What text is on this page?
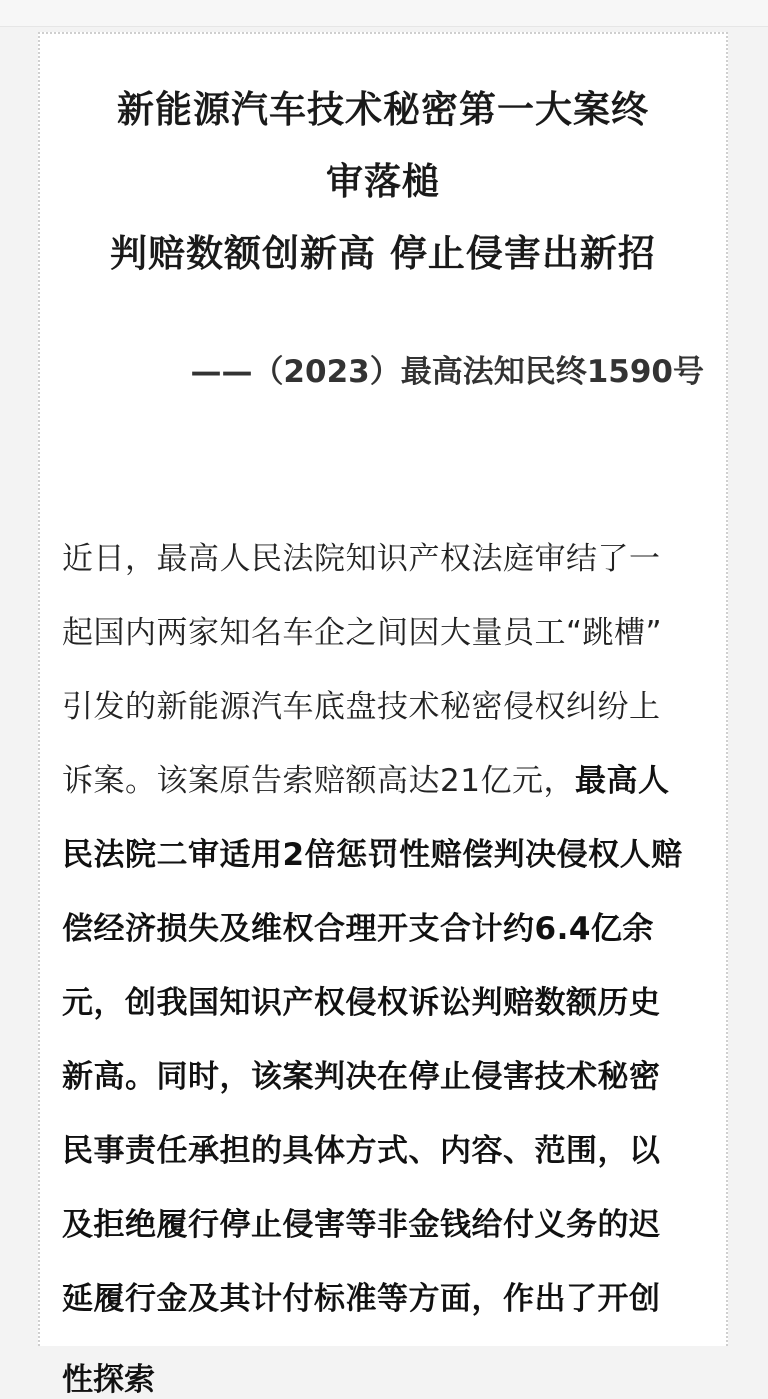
新能源汽车技术秘密第一大案终
审落槌
判赔数额创新高 停止侵害出新招
——（2023）最高法知民终1590号
近日，最高人民法院知识产权法庭审结了一
起国内两家知名车企之间因大量员工“跳槽”
引发的新能源汽车底盘技术秘密侵权纠纷上
诉案。该案原告索赔额高达21亿元，最高人
民法院二审适用2倍惩罚性赔偿判决侵权人赔
偿经济损失及维权合理开支合计约6.4亿余
元，创我国知识产权侵权诉讼判赔数额历史
新高。同时，该案判决在停止侵害技术秘密
民事责任承担的具体方式、内容、范围，以
及拒绝履行停止侵害等非金钱给付义务的迟
延履行金及其计付标准等方面，作出了开创
性探索
